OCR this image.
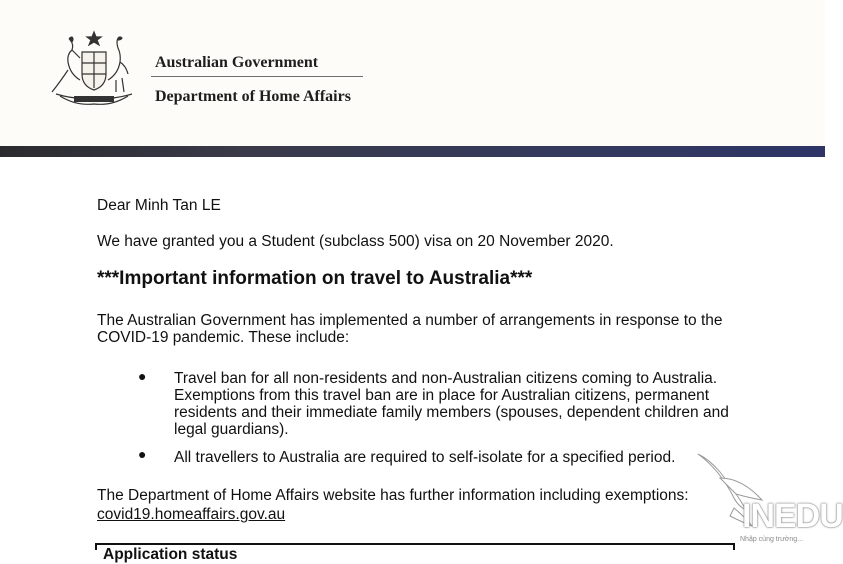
Australian Government
Department of Home Affairs
Dear Minh Tan LE
We have granted you a Student (subclass 500) visa on 20 November 2020.
***Important information on travel to Australia***
The Australian Government has implemented a number of arrangements in response to the COVID-19 pandemic. These include:
● Travel ban for all non-residents and non-Australian citizens coming to Australia. Exemptions from this travel ban are in place for Australian citizens, permanent residents and their immediate family members (spouses, dependent children and legal guardians).
● All travellers to Australia are required to self-isolate for a specified period.
The Department of Home Affairs website has further information including exemptions:
covid19.homeaffairs.gov.au
Application status
INEDU
Nhập cùng trường...
